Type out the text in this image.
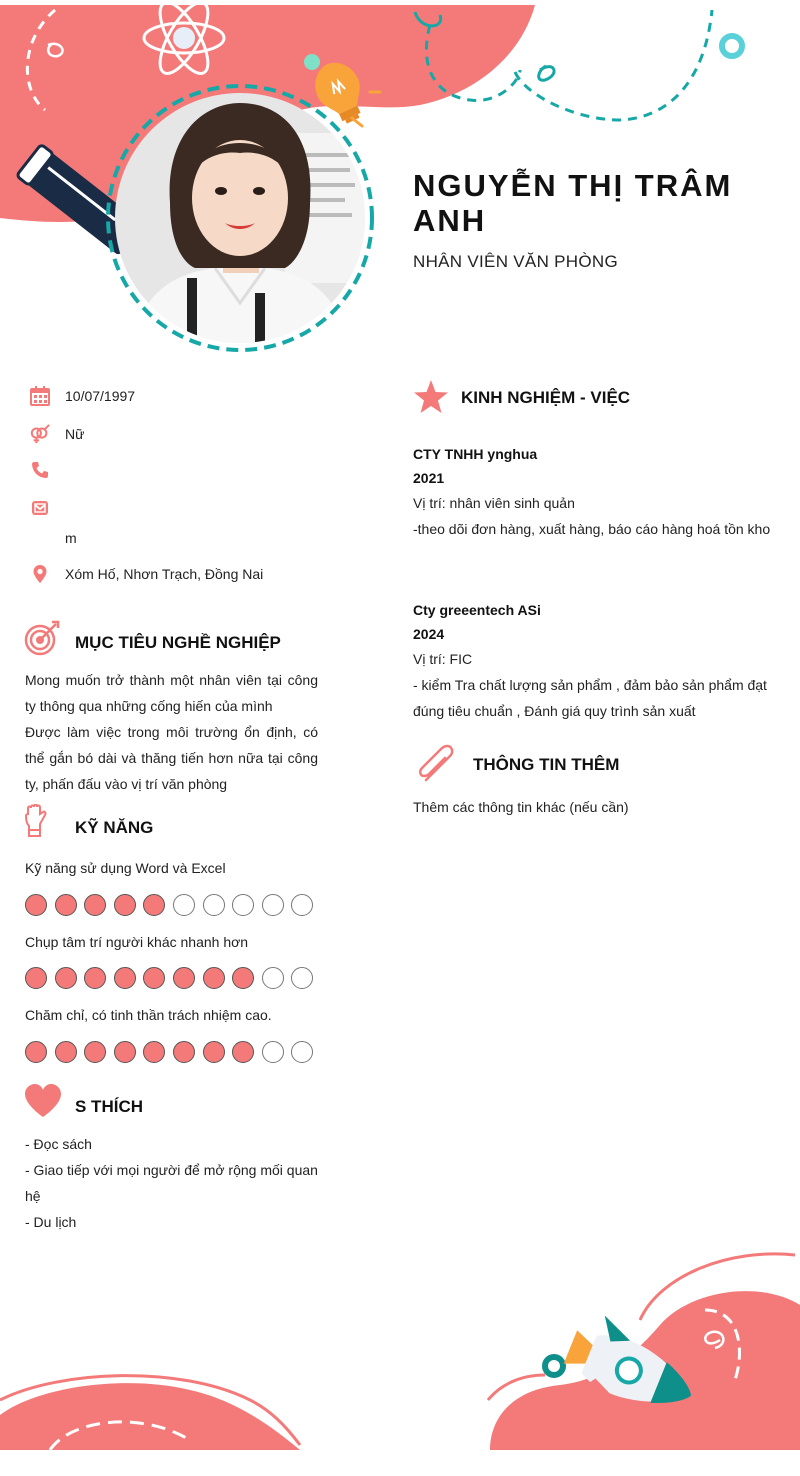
NGUYỄN THỊ TRÂM ANH
NHÂN VIÊN VĂN PHÒNG
10/07/1997
Nữ
m
Xóm Hố, Nhơn Trạch, Đồng Nai
MỤC TIÊU NGHỀ NGHIỆP
Mong muốn trở thành một nhân viên tại công ty thông qua những cống hiến của mình
Được làm việc trong môi trường ổn định, có thể gắn bó dài và thăng tiến hơn nữa tại công ty, phấn đấu vào vị trí văn phòng
KỸ NĂNG
Kỹ năng sử dụng Word và Excel
Chụp tâm trí người khác nhanh hơn
Chăm chỉ, có tinh thần trách nhiệm cao.
S THÍCH
- Đọc sách
- Giao tiếp với mọi người để mở rộng mối quan hệ
- Du lịch
KINH NGHIỆM - VIỆC
CTY TNHH ynghua
2021
Vị trí: nhân viên sinh quản
-theo dõi đơn hàng, xuất hàng, báo cáo hàng hoá tồn kho
Cty greeentech ASi
2024
Vị trí: FIC
- kiểm Tra chất lượng sản phẩm , đảm bảo sản phẩm đạt đúng tiêu chuẩn , Đánh giá quy trình sản xuất
THÔNG TIN THÊM
Thêm các thông tin khác (nếu cần)
